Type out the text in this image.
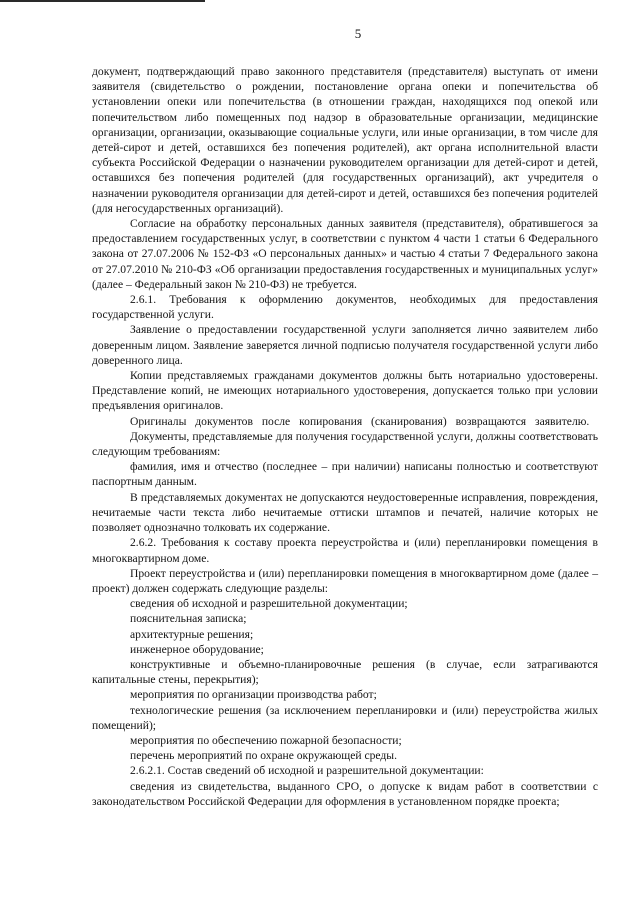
5

документ, подтверждающий право законного представителя (представителя) выступать от имени заявителя (свидетельство о рождении, постановление органа опеки и попечительства об установлении опеки или попечительства (в отношении граждан, находящихся под опекой или попечительством либо помещенных под надзор в образовательные организации, медицинские организации, организации, оказывающие социальные услуги, или иные организации, в том числе для детей-сирот и детей, оставшихся без попечения родителей), акт органа исполнительной власти субъекта Российской Федерации о назначении руководителем организации для детей-сирот и детей, оставшихся без попечения родителей (для государственных организаций), акт учредителя о назначении руководителя организации для детей-сирот и детей, оставшихся без попечения родителей (для негосударственных организаций).

Согласие на обработку персональных данных заявителя (представителя), обратившегося за предоставлением государственных услуг, в соответствии с пунктом 4 части 1 статьи 6 Федерального закона от 27.07.2006 № 152-ФЗ «О персональных данных» и частью 4 статьи 7 Федерального закона от 27.07.2010 № 210-ФЗ «Об организации предоставления государственных и муниципальных услуг» (далее – Федеральный закон № 210-ФЗ) не требуется.

2.6.1. Требования к оформлению документов, необходимых для предоставления государственной услуги.

Заявление о предоставлении государственной услуги заполняется лично заявителем либо доверенным лицом. Заявление заверяется личной подписью получателя государственной услуги либо доверенного лица.

Копии представляемых гражданами документов должны быть нотариально удостоверены. Представление копий, не имеющих нотариального удостоверения, допускается только при условии предъявления оригиналов.

Оригиналы документов после копирования (сканирования) возвращаются заявителю.

Документы, представляемые для получения государственной услуги, должны соответствовать следующим требованиям:

фамилия, имя и отчество (последнее – при наличии) написаны полностью и соответствуют паспортным данным.

В представляемых документах не допускаются неудостоверенные исправления, повреждения, нечитаемые части текста либо нечитаемые оттиски штампов и печатей, наличие которых не позволяет однозначно толковать их содержание.

2.6.2. Требования к составу проекта переустройства и (или) перепланировки помещения в многоквартирном доме.

Проект переустройства и (или) перепланировки помещения в многоквартирном доме (далее – проект) должен содержать следующие разделы:

сведения об исходной и разрешительной документации;

пояснительная записка;

архитектурные решения;

инженерное оборудование;

конструктивные и объемно-планировочные решения (в случае, если затрагиваются капитальные стены, перекрытия);

мероприятия по организации производства работ;

технологические решения (за исключением перепланировки и (или) переустройства жилых помещений);

мероприятия по обеспечению пожарной безопасности;

перечень мероприятий по охране окружающей среды.

2.6.2.1. Состав сведений об исходной и разрешительной документации:

сведения из свидетельства, выданного СРО, о допуске к видам работ в соответствии с законодательством Российской Федерации для оформления в установленном порядке проекта;
